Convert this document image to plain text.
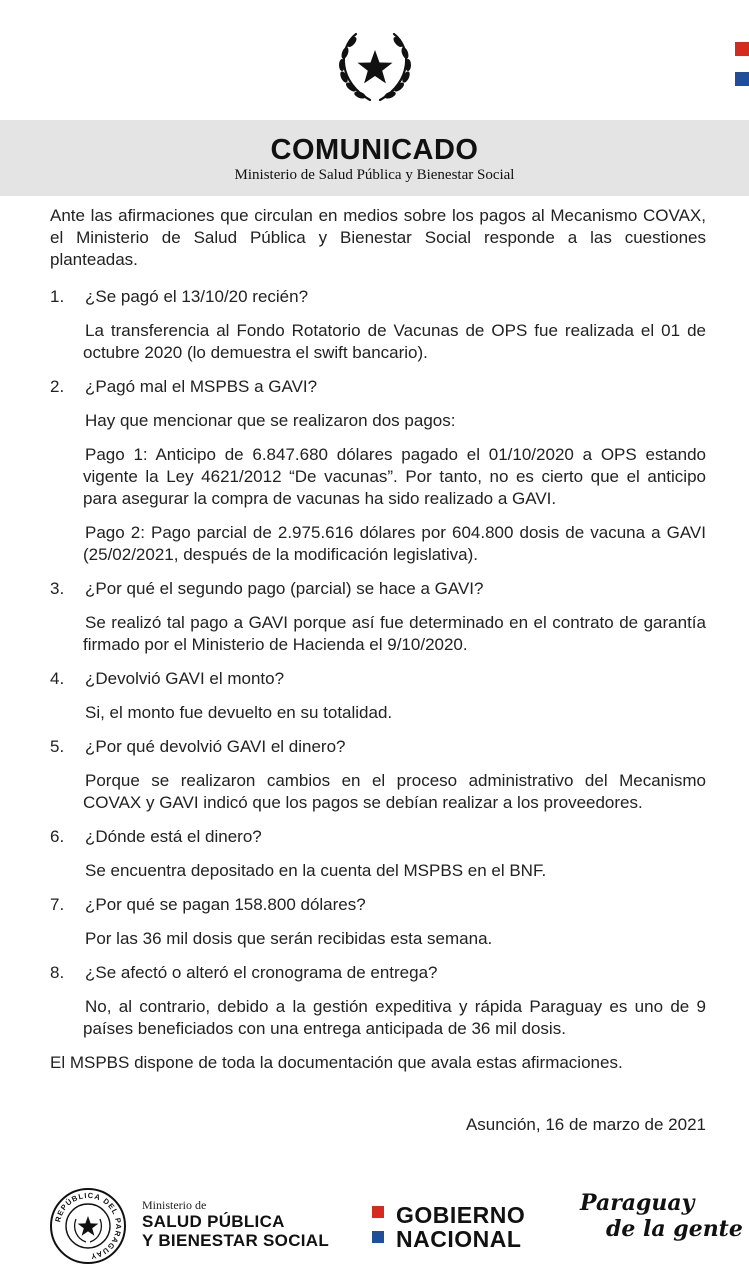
COMUNICADO
Ministerio de Salud Pública y Bienestar Social

Ante las afirmaciones que circulan en medios sobre los pagos al Mecanismo COVAX, el Ministerio de Salud Pública y Bienestar Social responde a las cuestiones planteadas.

1. ¿Se pagó el 13/10/20 recién?

La transferencia al Fondo Rotatorio de Vacunas de OPS fue realizada el 01 de octubre 2020 (lo demuestra el swift bancario).

2. ¿Pagó mal el MSPBS a GAVI?

Hay que mencionar que se realizaron dos pagos:

Pago 1: Anticipo de 6.847.680 dólares pagado el 01/10/2020 a OPS estando vigente la Ley 4621/2012 “De vacunas”. Por tanto, no es cierto que el anticipo para asegurar la compra de vacunas ha sido realizado a GAVI.

Pago 2: Pago parcial de 2.975.616 dólares por 604.800 dosis de vacuna a GAVI (25/02/2021, después de la modificación legislativa).

3. ¿Por qué el segundo pago (parcial) se hace a GAVI?

Se realizó tal pago a GAVI porque así fue determinado en el contrato de garantía firmado por el Ministerio de Hacienda el 9/10/2020.

4. ¿Devolvió GAVI el monto?

Si, el monto fue devuelto en su totalidad.

5. ¿Por qué devolvió GAVI el dinero?

Porque se realizaron cambios en el proceso administrativo del Mecanismo COVAX y GAVI indicó que los pagos se debían realizar a los proveedores.

6. ¿Dónde está el dinero?

Se encuentra depositado en la cuenta del MSPBS en el BNF.

7. ¿Por qué se pagan 158.800 dólares?

Por las 36 mil dosis que serán recibidas esta semana.

8. ¿Se afectó o alteró el cronograma de entrega?

No, al contrario, debido a la gestión expeditiva y rápida Paraguay es uno de 9 países beneficiados con una entrega anticipada de 36 mil dosis.

El MSPBS dispone de toda la documentación que avala estas afirmaciones.

Asunción, 16 de marzo de 2021
REPÚBLICA DEL PARAGUAY
Ministerio de
SALUD PÚBLICA
Y BIENESTAR SOCIAL
GOBIERNO
NACIONAL
Paraguay
de la gente
